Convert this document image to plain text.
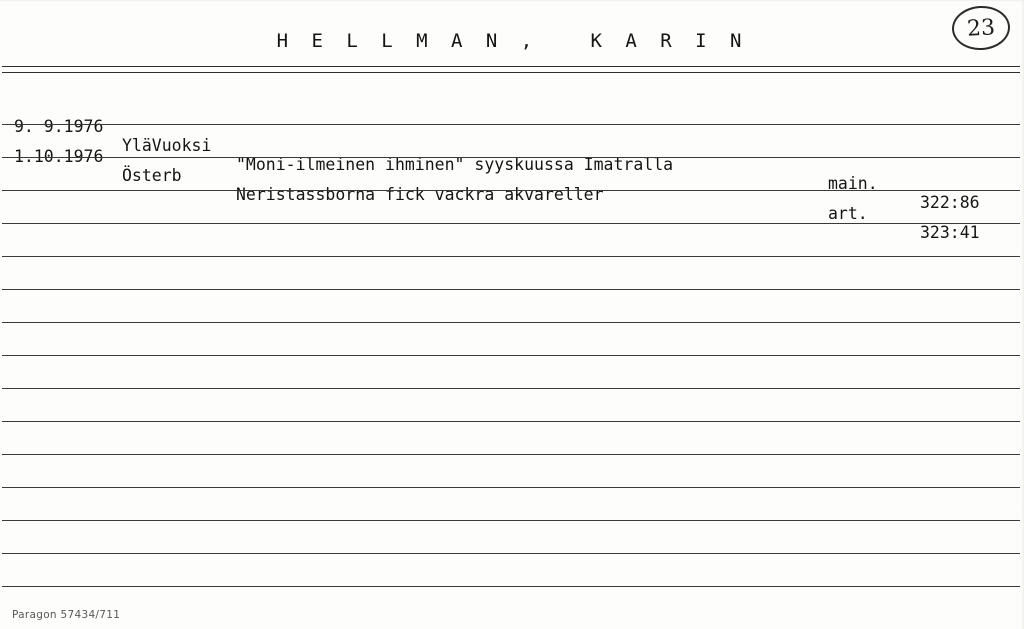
23
H E L L M A N ,   K A R I N

9. 9.1976

YläVuoksi

"Moni-ilmeinen ihminen" syyskuussa Imatralla

main.

322:86

1.10.1976

Österb

Neristassborna fick vackra akvareller

art.

323:41

Paragon 57434/711
